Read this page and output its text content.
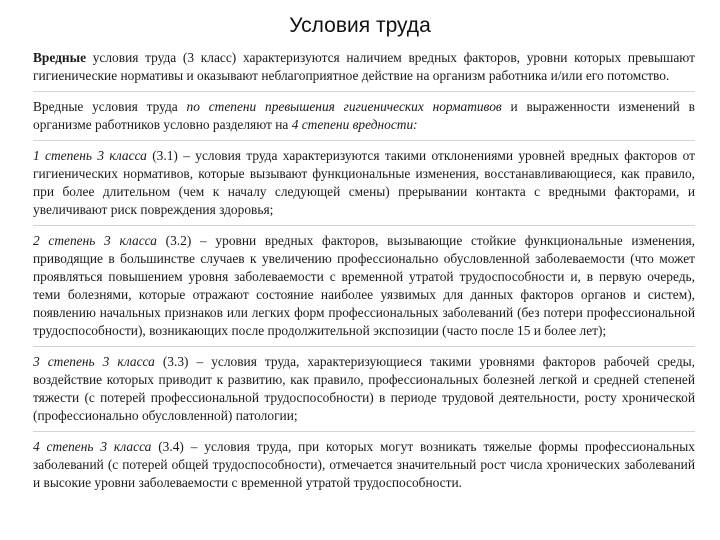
Условия труда

Вредные условия труда (3 класс) характеризуются наличием вредных факторов, уровни которых превышают гигиенические нормативы и оказывают неблагоприятное действие на организм работника и/или его потомство.

Вредные условия труда по степени превышения гигиенических нормативов и выраженности изменений в организме работников условно разделяют на 4 степени вредности:

1 степень 3 класса (3.1) – условия труда характеризуются такими отклонениями уровней вредных факторов от гигиенических нормативов, которые вызывают функциональные изменения, восстанавливающиеся, как правило, при более длительном (чем к началу следующей смены) прерывании контакта с вредными факторами, и увеличивают риск повреждения здоровья;

2 степень 3 класса (3.2) – уровни вредных факторов, вызывающие стойкие функциональные изменения, приводящие в большинстве случаев к увеличению профессионально обусловленной заболеваемости (что может проявляться повышением уровня заболеваемости с временной утратой трудоспособности и, в первую очередь, теми болезнями, которые отражают состояние наиболее уязвимых для данных факторов органов и систем), появлению начальных признаков или легких форм профессиональных заболеваний (без потери профессиональной трудоспособности), возникающих после продолжительной экспозиции (часто после 15 и более лет);

3 степень 3 класса (3.3) – условия труда, характеризующиеся такими уровнями факторов рабочей среды, воздействие которых приводит к развитию, как правило, профессиональных болезней легкой и средней степеней тяжести (с потерей профессиональной трудоспособности) в периоде трудовой деятельности, росту хронической (профессионально обусловленной) патологии;

4 степень 3 класса (3.4) – условия труда, при которых могут возникать тяжелые формы профессиональных заболеваний (с потерей общей трудоспособности), отмечается значительный рост числа хронических заболеваний и высокие уровни заболеваемости с временной утратой трудоспособности.
